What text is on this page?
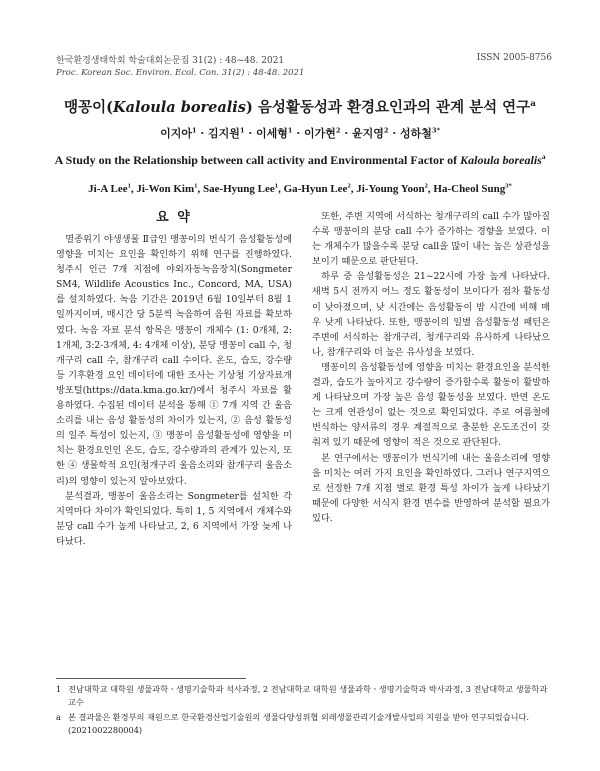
한국환경생태학회 학술대회논문집 31(2) : 48~48. 2021	ISSN 2005-8756
Proc. Korean Soc. Environ. Ecol. Con. 31(2) : 48-48. 2021
맹꽁이(Kaloula borealis) 음성활동성과 환경요인과의 관계 분석 연구$^a$
이지아$^1$ · 김지원$^1$ · 이세형$^1$ · 이가현$^2$ · 윤지영$^2$ · 성하철$^{3*}$
A Study on the Relationship between call activity and Environmental Factor of Kaloula borealis$^a$
Ji-A Lee$^1$, Ji-Won Kim$^1$, Sae-Hyung Lee$^1$, Ga-Hyun Lee$^2$, Ji-Young Yoon$^2$, Ha-Cheol Sung$^{3*}$
요 약

멸종위기 야생생물 Ⅱ급인 맹꽁이의 번식기 음성활동성에 영향을 미치는 요인을 확인하기 위해 연구를 진행하였다. 청주시 인근 7개 지점에 야외자동녹음장치(Songmeter SM4, Wildlife Acoustics Inc., Concord, MA, USA)를 설치하였다. 녹음 기간은 2019년 6월 10일부터 8월 1일까지이며, 매시간 당 5분씩 녹음하여 음원 자료를 확보하였다. 녹음 자료 분석 항목은 맹꽁이 개체수 (1: 0개체, 2: 1개체, 3:2-3개체, 4: 4개체 이상), 분당 맹꽁이 call 수, 청개구리 call 수, 참개구리 call 수이다. 온도, 습도, 강수량 등 기후환경 요인 데이터에 대한 조사는 기상청 기상자료개방포털(https://data.kma.go.kr/)에서 청주시 자료를 활용하였다. 수집된 데이터 분석을 통해 ① 7개 지역 간 울음소리를 내는 음성 활동성의 차이가 있는지, ② 음성 활동성의 일주 특성이 있는지, ③ 맹꽁이 음성활동성에 영향을 미치는 환경요인인 온도, 습도, 강수량과의 관계가 있는지, 또한 ④ 생물학적 요인(청개구리 울음소리와 참개구리 울음소리)의 영향이 있는지 알아보았다.

분석결과, 맹꽁이 울음소리는 Songmeter를 설치한 각 지역마다 차이가 확인되었다. 특히 1, 5 지역에서 개체수와 분당 call 수가 높게 나타났고, 2, 6 지역에서 가장 늦게 나타났다.

또한, 주변 지역에 서식하는 청개구리의 call 수가 많아질수록 맹꽁이의 분당 call 수가 증가하는 경향을 보였다. 이는 개체수가 많을수록 분당 call을 많이 내는 높은 상관성을 보이기 때문으로 판단된다.

하루 중 음성활동성은 21~22시에 가장 높게 나타났다. 새벽 5시 전까지 어느 정도 활동성이 보이다가 점차 활동성이 낮아졌으며, 낮 시간에는 음성활동이 밤 시간에 비해 매우 낮게 나타났다. 또한, 맹꽁이의 일별 음성활동성 패턴은 주변에 서식하는 참개구리, 청개구리와 유사하게 나타났으나, 참개구리와 더 높은 유사성을 보였다.

맹꽁이의 음성활동성에 영향을 미치는 환경요인을 분석한 결과, 습도가 높아지고 강수량이 증가할수록 활동이 활발하게 나타났으며 가장 높은 음성 활동성을 보였다. 반면 온도는 크게 연관성이 없는 것으로 확인되었다. 주로 여름철에 번식하는 양서류의 경우 계절적으로 충분한 온도조건이 갖춰져 있기 때문에 영향이 적은 것으로 판단된다.

본 연구에서는 맹꽁이가 번식기에 내는 울음소리에 영향을 미치는 여러 가지 요인을 확인하였다. 그러나 연구지역으로 선정한 7개 지점 별로 환경 특성 차이가 높게 나타났기 때문에 다양한 서식지 환경 변수를 반영하여 분석할 필요가 있다.

1 전남대학교 대학원 생물과학ㆍ생명기술학과 석사과정, 2 전남대학교 대학원 생물과학ㆍ생명기술학과 박사과정, 3 전남대학교 생물학과 교수
a 본 결과물은 환경부의 재원으로 한국환경산업기술원의 생물다양성위협 외래생물관리기술개발사업의 지원을 받아 연구되었습니다. (2021002280004)
